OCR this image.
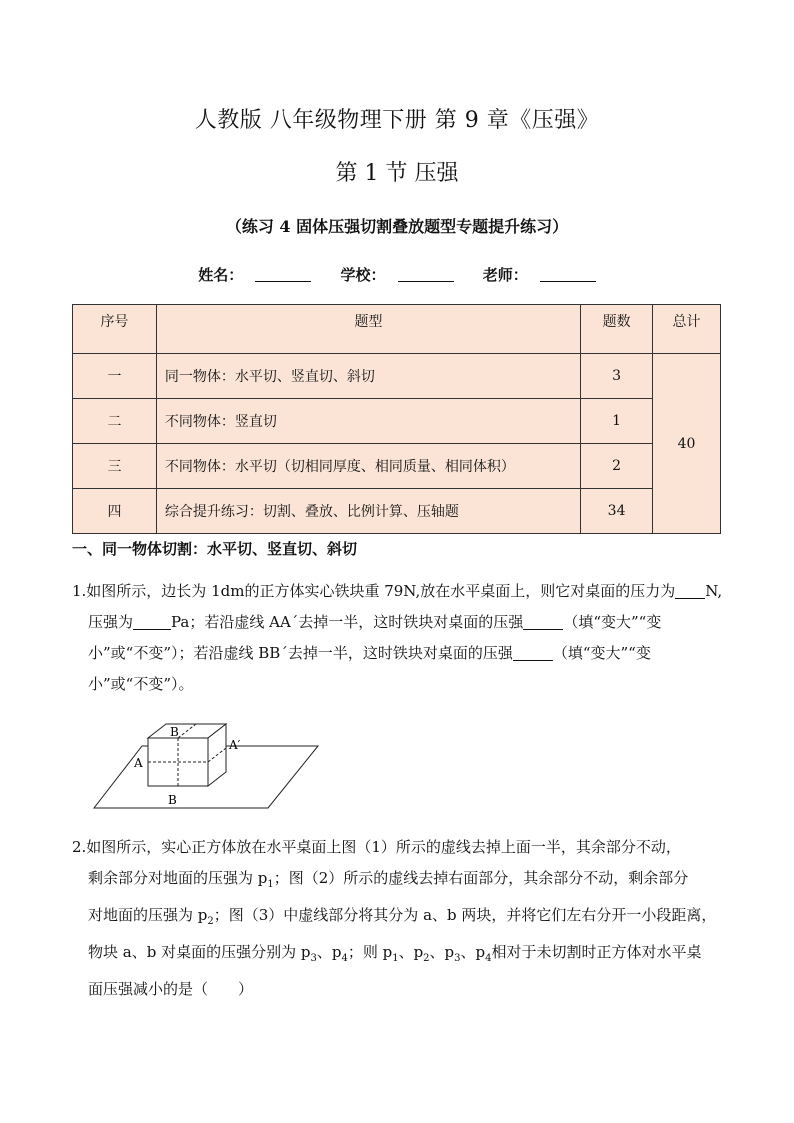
人教版 八年级物理下册 第 9 章《压强》
第 1 节 压强
（练习 4 固体压强切割叠放题型专题提升练习）
姓名：	学校：	老师：
序号	题型	题数	总计
一	同一物体：水平切、竖直切、斜切	3	40
二	不同物体：竖直切	1	
三	不同物体：水平切（切相同厚度、相同质量、相同体积）	2	
四	综合提升练习：切割、叠放、比例计算、压轴题	34	
一、同一物体切割：水平切、竖直切、斜切
1.如图所示，边长为 1dm的正方体实心铁块重 79N,放在水平桌面上，则它对桌面的压力为 N,
压强为	Pa；若沿虚线 AA´去掉一半，这时铁块对桌面的压强	（填“变大”“变
小”或“不变”）；若沿虚线 BB´去掉一半，这时铁块对桌面的压强	（填“变大”“变
小”或“不变”）。
A
A′
B
B
2.如图所示，实心正方体放在水平桌面上图（1）所示的虚线去掉上面一半，其余部分不动，
剩余部分对地面的压强为 $p_1$；图（2）所示的虚线去掉右面部分，其余部分不动，剩余部分
对地面的压强为 $p_2$；图（3）中虚线部分将其分为 a、b 两块，并将它们左右分开一小段距离，
物块 a、b 对桌面的压强分别为 $p_3$、$p_4$；则 $p_1$、$p_2$、$p_3$、$p_4$相对于未切割时正方体对水平桌
面压强减小的是（　　）
